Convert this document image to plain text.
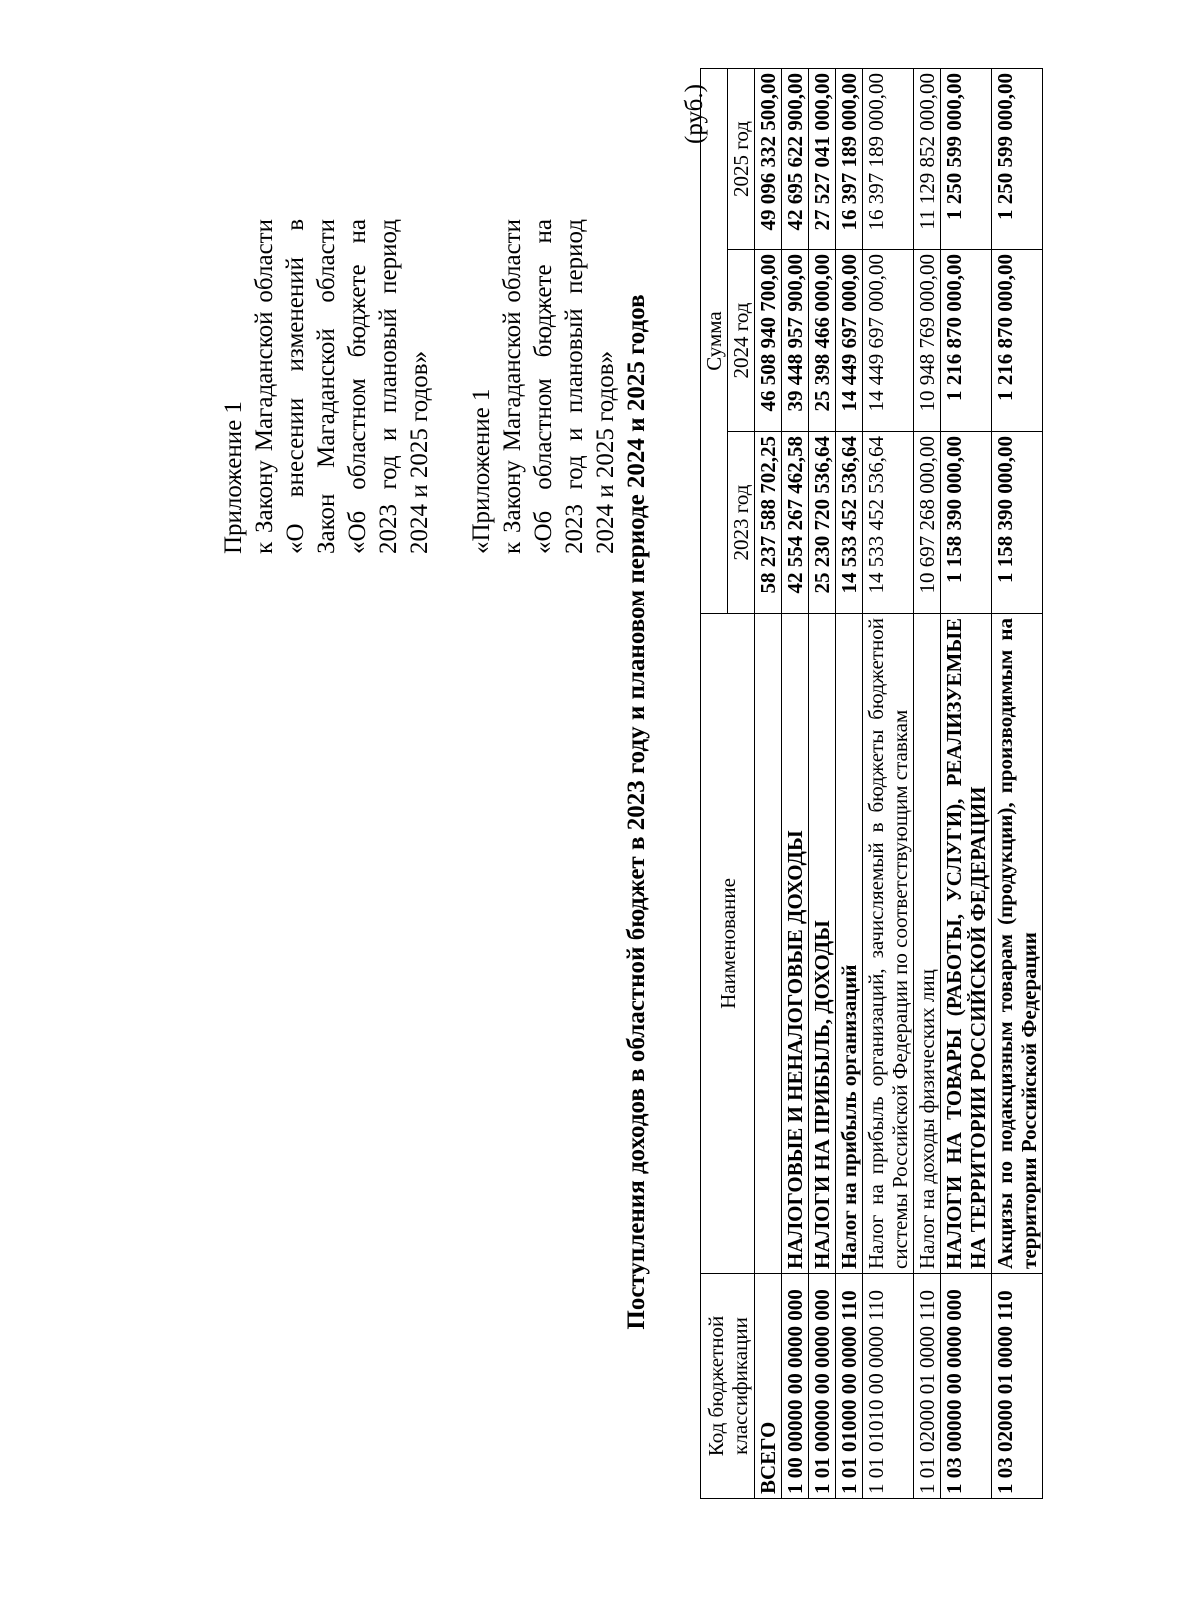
Приложение 1 к Закону Магаданской области «О внесении изменений в Закон Магаданской области «Об областном бюджете на 2023 год и плановый период 2024 и 2025 годов» «Приложение 1 к Закону Магаданской области «Об областном бюджете на 2023 год и плановый период 2024 и 2025 годов» Поступления доходов в областной бюджет в 2023 году и плановом периоде 2024 и 2025 годов
(руб.)
Код бюджетной классификации	Наименование	Сумма		
		2023 год	2024 год	2025 год
ВСЕГО		58 237 588 702,25	46 508 940 700,00	49 096 332 500,00
1 00 00000 00 0000 000	НАЛОГОВЫЕ И НЕНАЛОГОВЫЕ ДОХОДЫ	42 554 267 462,58	39 448 957 900,00	42 695 622 900,00
1 01 00000 00 0000 000	НАЛОГИ НА ПРИБЫЛЬ, ДОХОДЫ	25 230 720 536,64	25 398 466 000,00	27 527 041 000,00
1 01 01000 00 0000 110	Налог на прибыль организаций	14 533 452 536,64	14 449 697 000,00	16 397 189 000,00
1 01 01010 00 0000 110	Налог на прибыль организаций, зачисляемый в бюджеты бюджетной системы Российской Федерации по соответствующим ставкам	14 533 452 536,64	14 449 697 000,00	16 397 189 000,00
1 01 02000 01 0000 110	Налог на доходы физических лиц	10 697 268 000,00	10 948 769 000,00	11 129 852 000,00
1 03 00000 00 0000 000	НАЛОГИ НА ТОВАРЫ (РАБОТЫ, УСЛУГИ), РЕАЛИЗУЕМЫЕ НА ТЕРРИТОРИИ РОССИЙСКОЙ ФЕДЕРАЦИИ	1 158 390 000,00	1 216 870 000,00	1 250 599 000,00
1 03 02000 01 0000 110	Акцизы по подакцизным товарам (продукции), производимым на территории Российской Федерации	1 158 390 000,00	1 216 870 000,00	1 250 599 000,00
